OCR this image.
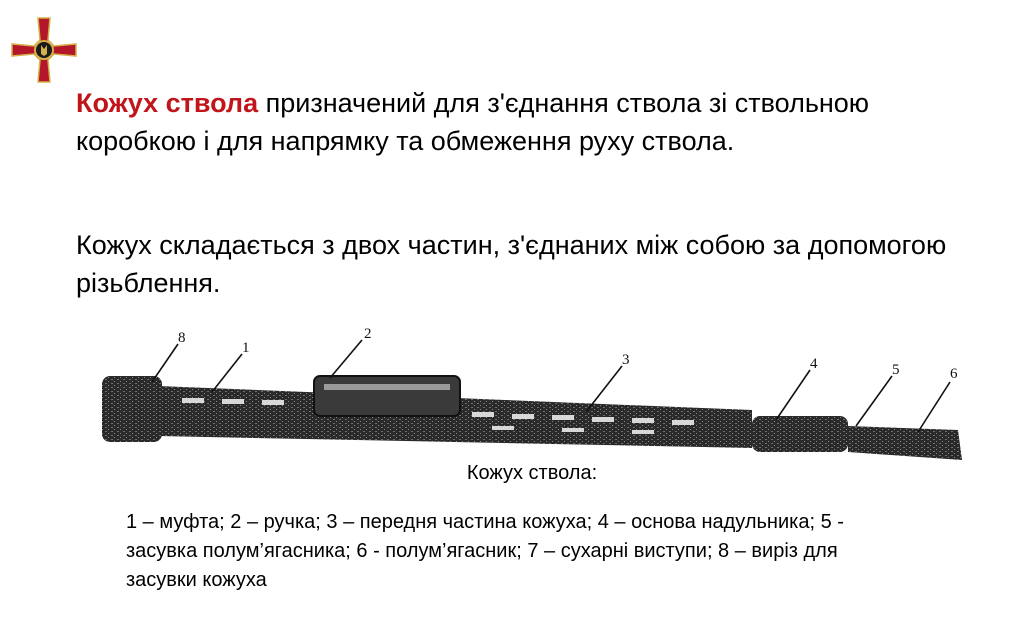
Кожух ствола призначений для з'єднання ствола зі ствольною коробкою і для напрямку та обмеження руху ствола.

Кожух складається з двох частин, з'єднаних між собою за допомогою різьблення.

8
1
2
3	4	5	6
Кожух ствола:

1 – муфта; 2 – ручка; 3 – передня частина кожуха; 4 – основа надульника; 5 - засувка полум’ягасника; 6 - полум’ягасник; 7 – сухарні виступи; 8 – виріз для засувки кожуха
